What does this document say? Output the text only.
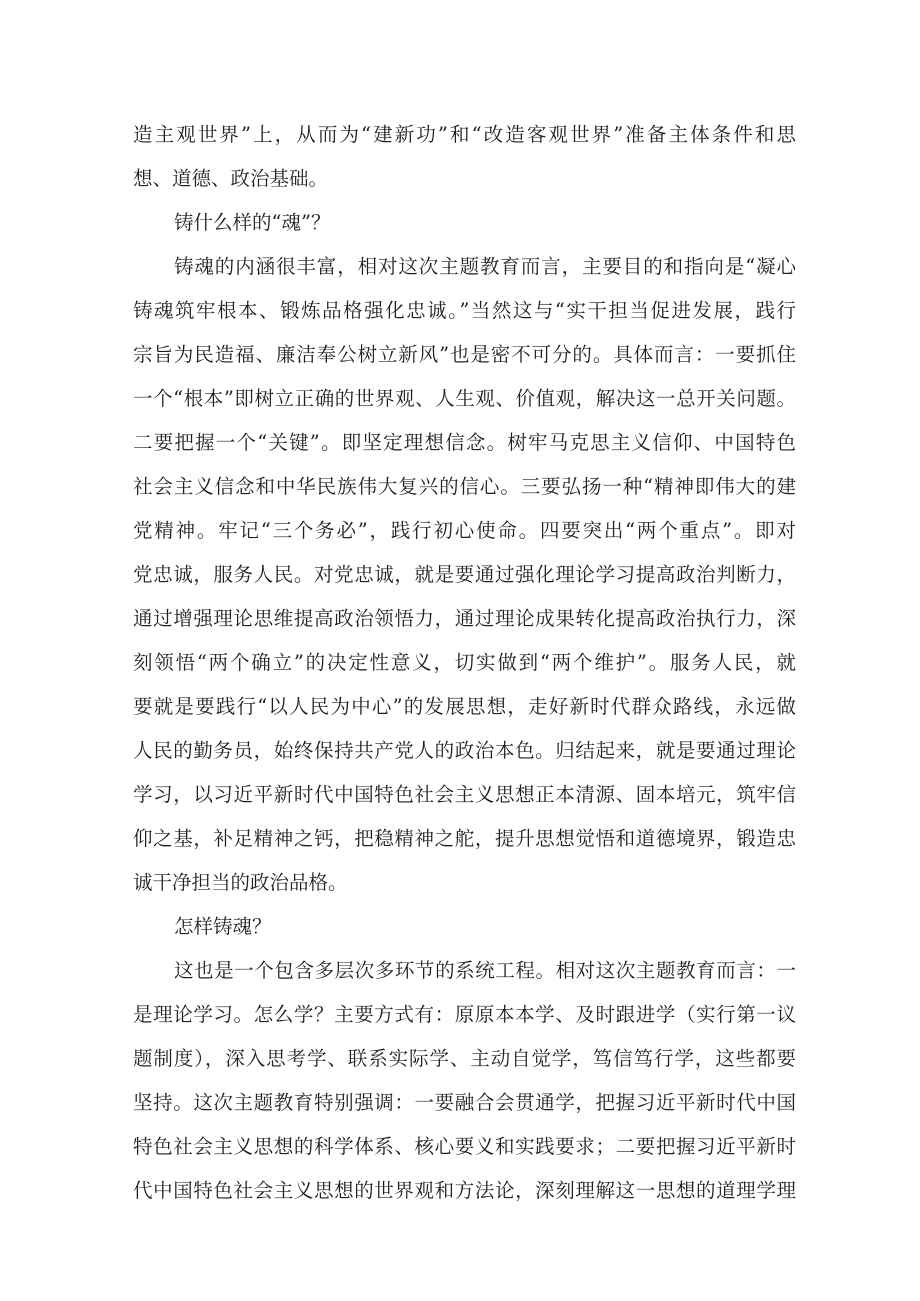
造主观世界”上，从而为“建新功”和“改造客观世界”准备主体条件和思
想、道德、政治基础。
铸什么样的“魂”？
铸魂的内涵很丰富，相对这次主题教育而言，主要目的和指向是“凝心
铸魂筑牢根本、锻炼品格强化忠诚。”当然这与“实干担当促进发展，践行
宗旨为民造福、廉洁奉公树立新风”也是密不可分的。具体而言：一要抓住
一个“根本”即树立正确的世界观、人生观、价值观，解决这一总开关问题。
二要把握一个“关键”。即坚定理想信念。树牢马克思主义信仰、中国特色
社会主义信念和中华民族伟大复兴的信心。三要弘扬一种“精神即伟大的建
党精神。牢记“三个务必”，践行初心使命。四要突出“两个重点”。即对
党忠诚，服务人民。对党忠诚，就是要通过强化理论学习提高政治判断力，
通过增强理论思维提高政治领悟力，通过理论成果转化提高政治执行力，深
刻领悟“两个确立”的决定性意义，切实做到“两个维护”。服务人民，就
要就是要践行“以人民为中心”的发展思想，走好新时代群众路线，永远做
人民的勤务员，始终保持共产党人的政治本色。归结起来，就是要通过理论
学习，以习近平新时代中国特色社会主义思想正本清源、固本培元，筑牢信
仰之基，补足精神之钙，把稳精神之舵，提升思想觉悟和道德境界，锻造忠
诚干净担当的政治品格。
怎样铸魂？
这也是一个包含多层次多环节的系统工程。相对这次主题教育而言：一
是理论学习。怎么学？主要方式有：原原本本学、及时跟进学（实行第一议
题制度），深入思考学、联系实际学、主动自觉学，笃信笃行学，这些都要
坚持。这次主题教育特别强调：一要融合会贯通学，把握习近平新时代中国
特色社会主义思想的科学体系、核心要义和实践要求；二要把握习近平新时
代中国特色社会主义思想的世界观和方法论，深刻理解这一思想的道理学理
